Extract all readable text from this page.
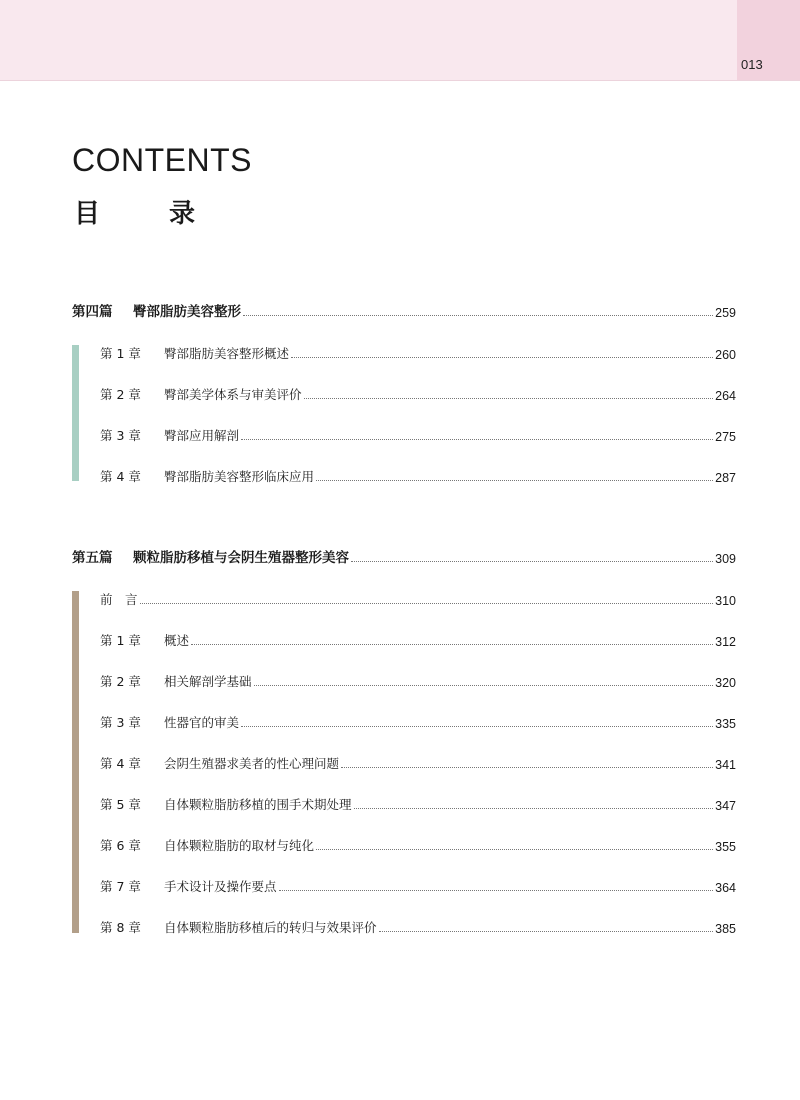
013
CONTENTS
目 录
第四篇 臀部脂肪美容整形	259
第 1 章 臀部脂肪美容整形概述	260
第 2 章 臀部美学体系与审美评价	264
第 3 章 臀部应用解剖	275
第 4 章 臀部脂肪美容整形临床应用	287
第五篇 颗粒脂肪移植与会阴生殖器整形美容	309
前　言	310
第 1 章 概述	312
第 2 章 相关解剖学基础	320
第 3 章 性器官的审美	335
第 4 章 会阴生殖器求美者的性心理问题	341
第 5 章 自体颗粒脂肪移植的围手术期处理	347
第 6 章 自体颗粒脂肪的取材与纯化	355
第 7 章 手术设计及操作要点	364
第 8 章 自体颗粒脂肪移植后的转归与效果评价	385
